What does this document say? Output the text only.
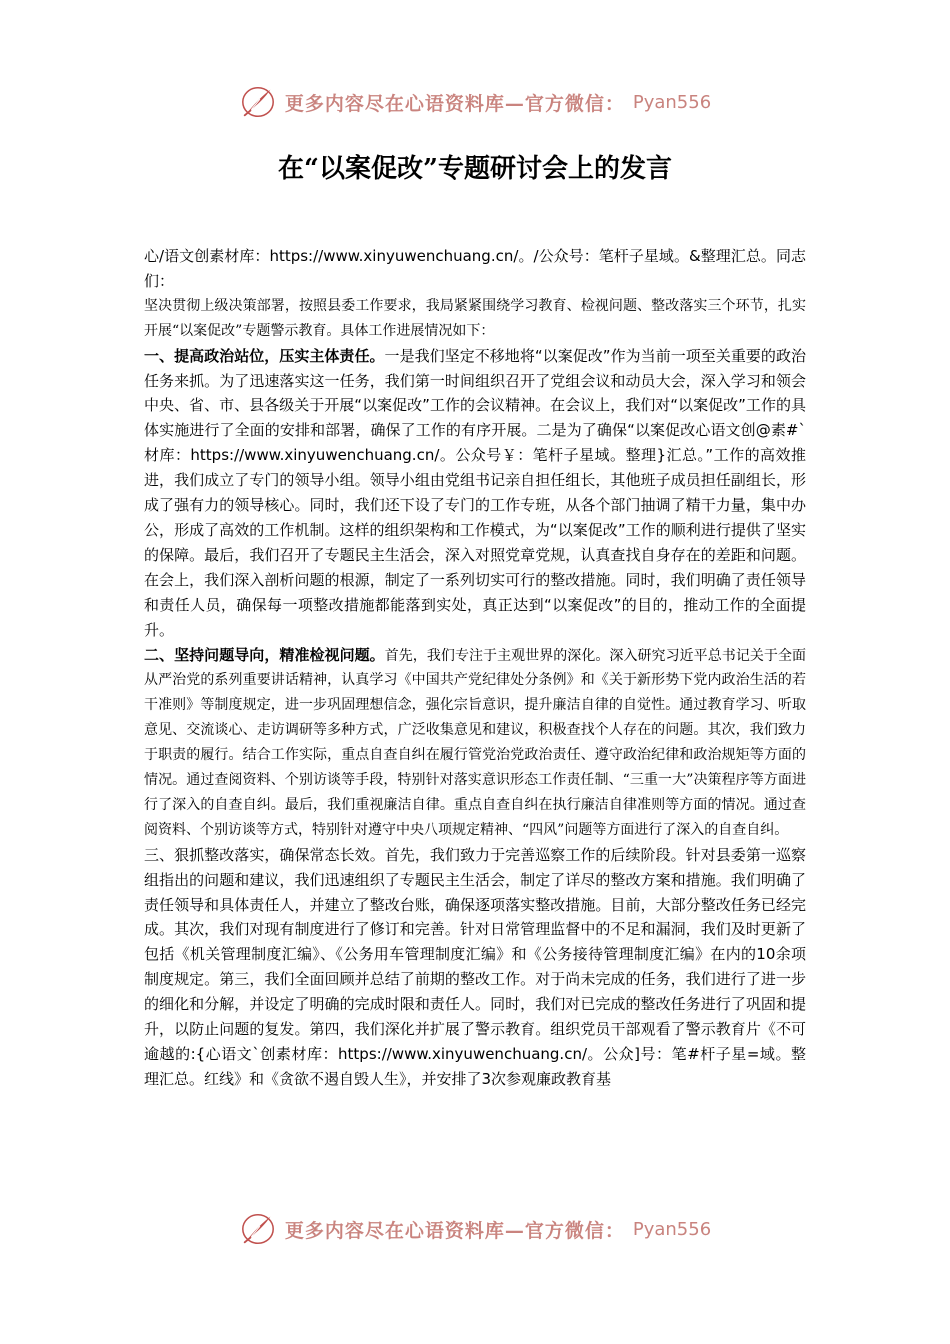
更多内容尽在心语资料库—官方微信： Pyan556
在“以案促改”专题研讨会上的发言

心/语文创素材库：https://www.xinyuwenchuang.cn/。/公众号：笔杆子星域。&整理汇总。同志们：

坚决贯彻上级决策部署，按照县委工作要求，我局紧紧围绕学习教育、检视问题、整改落实三个环节，扎实开展“以案促改”专题警示教育。具体工作进展情况如下：

一、提高政治站位，压实主体责任。一是我们坚定不移地将“以案促改”作为当前一项至关重要的政治任务来抓。为了迅速落实这一任务，我们第一时间组织召开了党组会议和动员大会，深入学习和领会中央、省、市、县各级关于开展“以案促改”工作的会议精神。在会议上，我们对“以案促改”工作的具体实施进行了全面的安排和部署，确保了工作的有序开展。二是为了确保“以案促改心语文创@素#`材库：https://www.xinyuwenchuang.cn/。公众号￥：笔杆子星域。整理}汇总。”工作的高效推进，我们成立了专门的领导小组。领导小组由党组书记亲自担任组长，其他班子成员担任副组长，形成了强有力的领导核心。同时，我们还下设了专门的工作专班，从各个部门抽调了精干力量，集中办公，形成了高效的工作机制。这样的组织架构和工作模式，为“以案促改”工作的顺利进行提供了坚实的保障。最后，我们召开了专题民主生活会，深入对照党章党规，认真查找自身存在的差距和问题。在会上，我们深入剖析问题的根源，制定了一系列切实可行的整改措施。同时，我们明确了责任领导和责任人员，确保每一项整改措施都能落到实处，真正达到“以案促改”的目的，推动工作的全面提升。

二、坚持问题导向，精准检视问题。首先，我们专注于主观世界的深化。深入研究习近平总书记关于全面从严治党的系列重要讲话精神，认真学习《中国共产党纪律处分条例》和《关于新形势下党内政治生活的若干准则》等制度规定，进一步巩固理想信念，强化宗旨意识，提升廉洁自律的自觉性。通过教育学习、听取意见、交流谈心、走访调研等多种方式，广泛收集意见和建议，积极查找个人存在的问题。其次，我们致力于职责的履行。结合工作实际，重点自查自纠在履行管党治党政治责任、遵守政治纪律和政治规矩等方面的情况。通过查阅资料、个别访谈等手段，特别针对落实意识形态工作责任制、“三重一大”决策程序等方面进行了深入的自查自纠。最后，我们重视廉洁自律。重点自查自纠在执行廉洁自律准则等方面的情况。通过查阅资料、个别访谈等方式，特别针对遵守中央八项规定精神、“四风”问题等方面进行了深入的自查自纠。

三、狠抓整改落实，确保常态长效。首先，我们致力于完善巡察工作的后续阶段。针对县委第一巡察组指出的问题和建议，我们迅速组织了专题民主生活会，制定了详尽的整改方案和措施。我们明确了责任领导和具体责任人，并建立了整改台账，确保逐项落实整改措施。目前，大部分整改任务已经完成。其次，我们对现有制度进行了修订和完善。针对日常管理监督中的不足和漏洞，我们及时更新了包括《机关管理制度汇编》、《公务用车管理制度汇编》和《公务接待管理制度汇编》在内的10余项制度规定。第三，我们全面回顾并总结了前期的整改工作。对于尚未完成的任务，我们进行了进一步的细化和分解，并设定了明确的完成时限和责任人。同时，我们对已完成的整改任务进行了巩固和提升，以防止问题的复发。第四，我们深化并扩展了警示教育。组织党员干部观看了警示教育片《不可逾越的:{心语文`创素材库：https://www.xinyuwenchuang.cn/。公众]号：笔#杆子星=域。整理汇总。红线》和《贪欲不遏自毁人生》，并安排了3次参观廉政教育基

更多内容尽在心语资料库—官方微信： Pyan556
